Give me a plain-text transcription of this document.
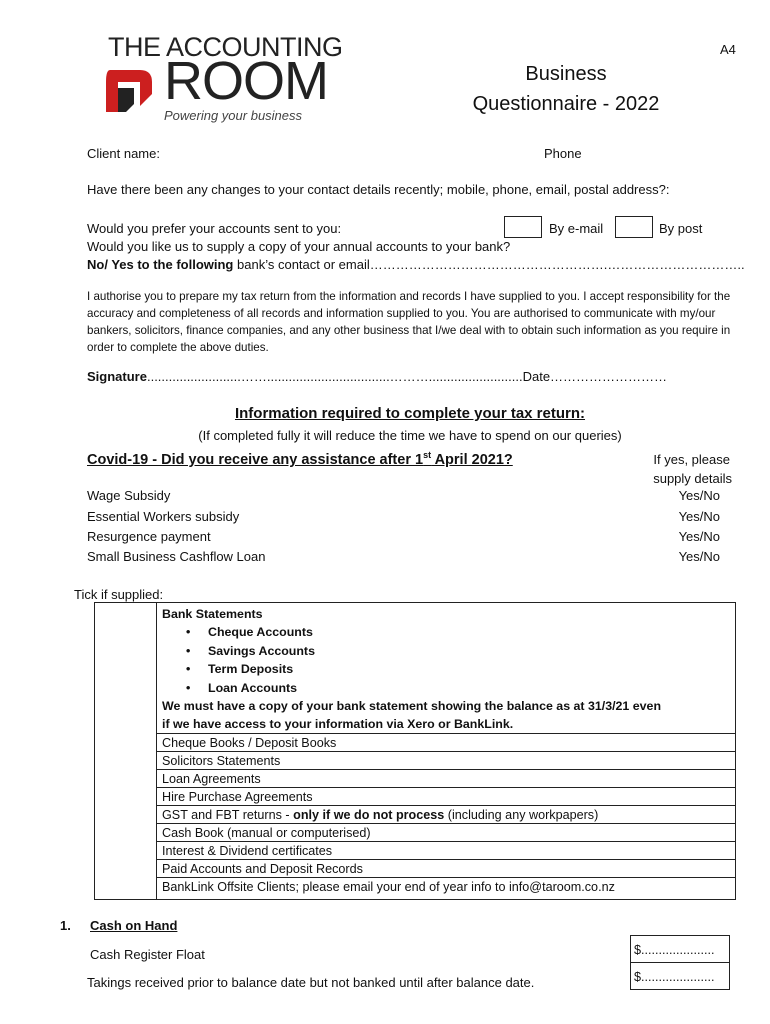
THE ACCOUNTING
ROOM
Powering your business
A4
Business
Questionnaire - 2022
Client name:	Phone
Have there been any changes to your contact details recently; mobile, phone, email, postal address?:
Would you prefer your accounts sent to you:	By e-mail	By post
Would you like us to supply a copy of your annual accounts to your bank?
No/ Yes to the following bank’s contact or email……………………………………………….…………………………..
I authorise you to prepare my tax return from the information and records I have supplied to you. I accept responsibility for the accuracy and completeness of all records and information supplied to you. You are authorised to communicate with my/our bankers, solicitors, finance companies, and any other business that I/we deal with to obtain such information as you require in order to complete the above duties.
Signature..........................……..................................………..........................Date………………………
Information required to complete your tax return:
(If completed fully it will reduce the time we have to spend on our queries)
Covid-19 - Did you receive any assistance after 1st April 2021?	If yes, please
supply details
Wage Subsidy	Yes/No
Essential Workers subsidy	Yes/No
Resurgence payment	Yes/No
Small Business Cashflow Loan	Yes/No
Tick if supplied:
Bank Statements
• Cheque Accounts
• Savings Accounts
• Term Deposits
• Loan Accounts
We must have a copy of your bank statement showing the balance as at 31/3/21 even
if we have access to your information via Xero or BankLink.
Cheque Books / Deposit Books
Solicitors Statements
Loan Agreements
Hire Purchase Agreements
GST and FBT returns - only if we do not process (including any workpapers)
Cash Book (manual or computerised)
Interest & Dividend certificates
Paid Accounts and Deposit Records
BankLink Offsite Clients; please email your end of year info to info@taroom.co.nz
1. Cash on Hand
Cash Register Float	$.....................
Takings received prior to balance date but not banked until after balance date.	$.....................
